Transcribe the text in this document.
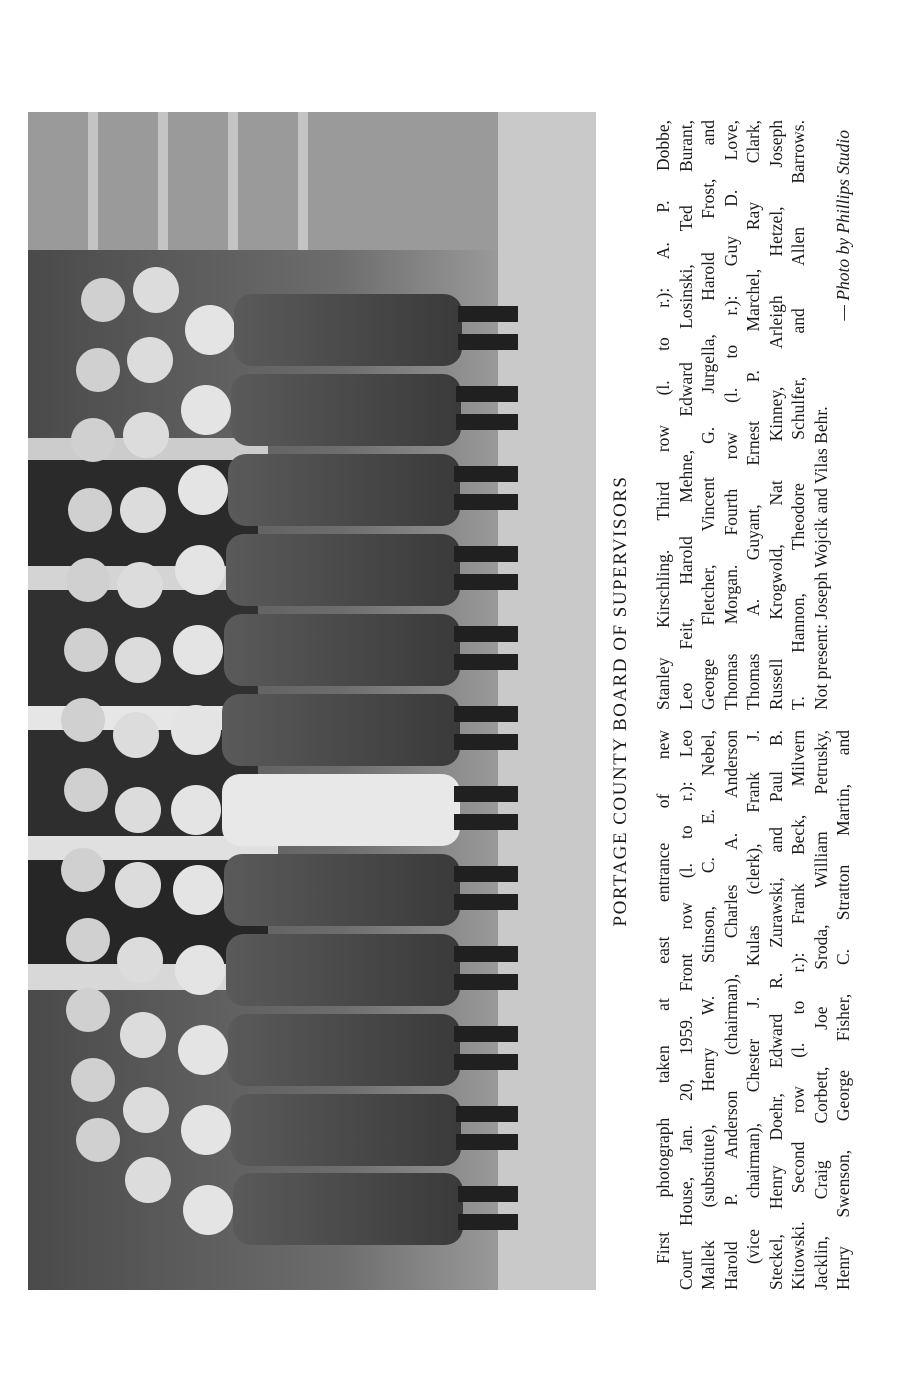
PORTAGE COUNTY BOARD OF SUPERVISORS
First photograph taken at east entrance of new Court House, Jan. 20, 1959. Front row (l. to r.): Leo Mallek (substitute), Henry W. Stinson, C. E. Nebel, Harold P. Anderson (chairman), Charles A. Anderson (vice chairman), Chester J. Kulas (clerk), Frank J. Steckel, Henry Doehr, Edward R. Zurawski, and Paul B. Kitowski. Second row (l. to r.): Frank Beck, Milvern Jacklin, Craig Corbett, Joe Sroda, William Petrusky, Henry Swenson, George Fisher, C. Stratton Martin, and
Stanley Kirschling. Third row (l. to r.): A. P. Dobbe, Leo Feit, Harold Mehne, Edward Losinski, Ted Burant, George Fletcher, Vincent G. Jurgella, Harold Frost, and Thomas Morgan. Fourth row (l. to r.): Guy D. Love, Thomas A. Guyant, Ernest P. Marchel, Ray Clark, Russell Krogwold, Nat Kinney, Arleigh Hetzel, Joseph T. Hannon, Theodore Schulfer, and Allen Barrows. Not present: Joseph Wojcik and Vilas Behr.
— Photo by Phillips Studio
